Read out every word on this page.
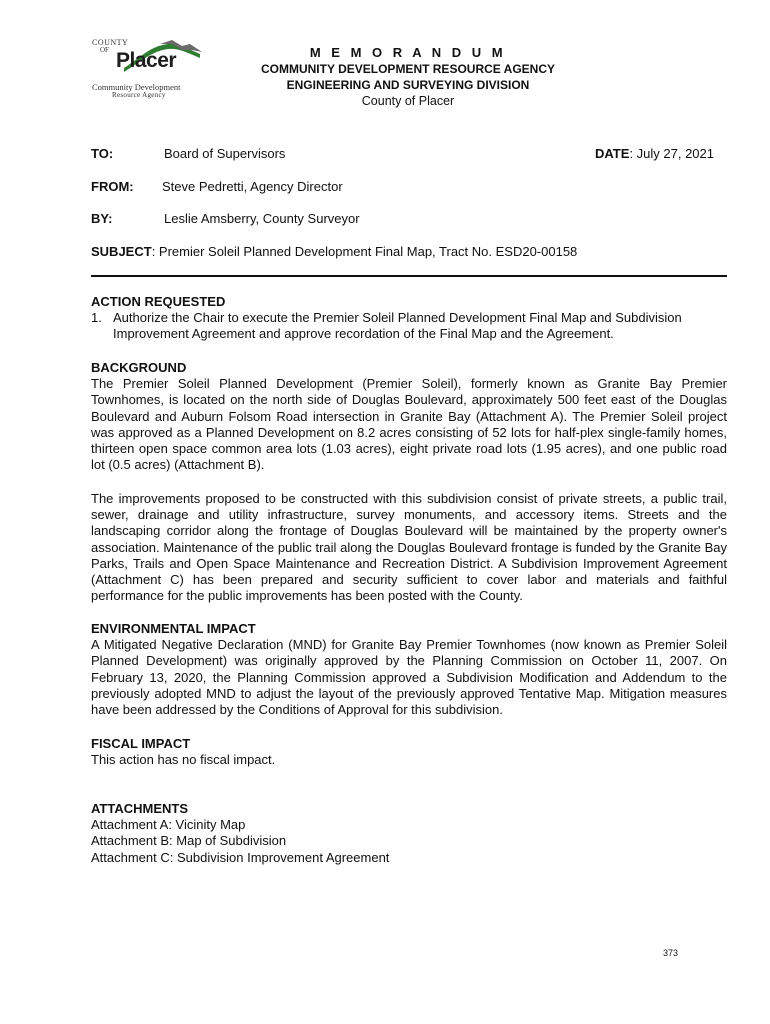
COUNTY
OF Placer
Community Development
Resource Agency
M E M O R A N D U M
COMMUNITY DEVELOPMENT RESOURCE AGENCY
ENGINEERING AND SURVEYING DIVISION
County of Placer
TO:	Board of Supervisors	DATE: July 27, 2021
FROM: Steve Pedretti, Agency Director
BY:	Leslie Amsberry, County Surveyor
SUBJECT: Premier Soleil Planned Development Final Map, Tract No. ESD20-00158
ACTION REQUESTED
1. Authorize the Chair to execute the Premier Soleil Planned Development Final Map and Subdivision Improvement Agreement and approve recordation of the Final Map and the Agreement.
BACKGROUND

The Premier Soleil Planned Development (Premier Soleil), formerly known as Granite Bay Premier Townhomes, is located on the north side of Douglas Boulevard, approximately 500 feet east of the Douglas Boulevard and Auburn Folsom Road intersection in Granite Bay (Attachment A). The Premier Soleil project was approved as a Planned Development on 8.2 acres consisting of 52 lots for half-plex single-family homes, thirteen open space common area lots (1.03 acres), eight private road lots (1.95 acres), and one public road lot (0.5 acres) (Attachment B).

The improvements proposed to be constructed with this subdivision consist of private streets, a public trail, sewer, drainage and utility infrastructure, survey monuments, and accessory items. Streets and the landscaping corridor along the frontage of Douglas Boulevard will be maintained by the property owner's association. Maintenance of the public trail along the Douglas Boulevard frontage is funded by the Granite Bay Parks, Trails and Open Space Maintenance and Recreation District. A Subdivision Improvement Agreement (Attachment C) has been prepared and security sufficient to cover labor and materials and faithful performance for the public improvements has been posted with the County.

ENVIRONMENTAL IMPACT

A Mitigated Negative Declaration (MND) for Granite Bay Premier Townhomes (now known as Premier Soleil Planned Development) was originally approved by the Planning Commission on October 11, 2007. On February 13, 2020, the Planning Commission approved a Subdivision Modification and Addendum to the previously adopted MND to adjust the layout of the previously approved Tentative Map. Mitigation measures have been addressed by the Conditions of Approval for this subdivision.

FISCAL IMPACT

This action has no fiscal impact.

ATTACHMENTS
Attachment A: Vicinity Map
Attachment B: Map of Subdivision
Attachment C: Subdivision Improvement Agreement
373
